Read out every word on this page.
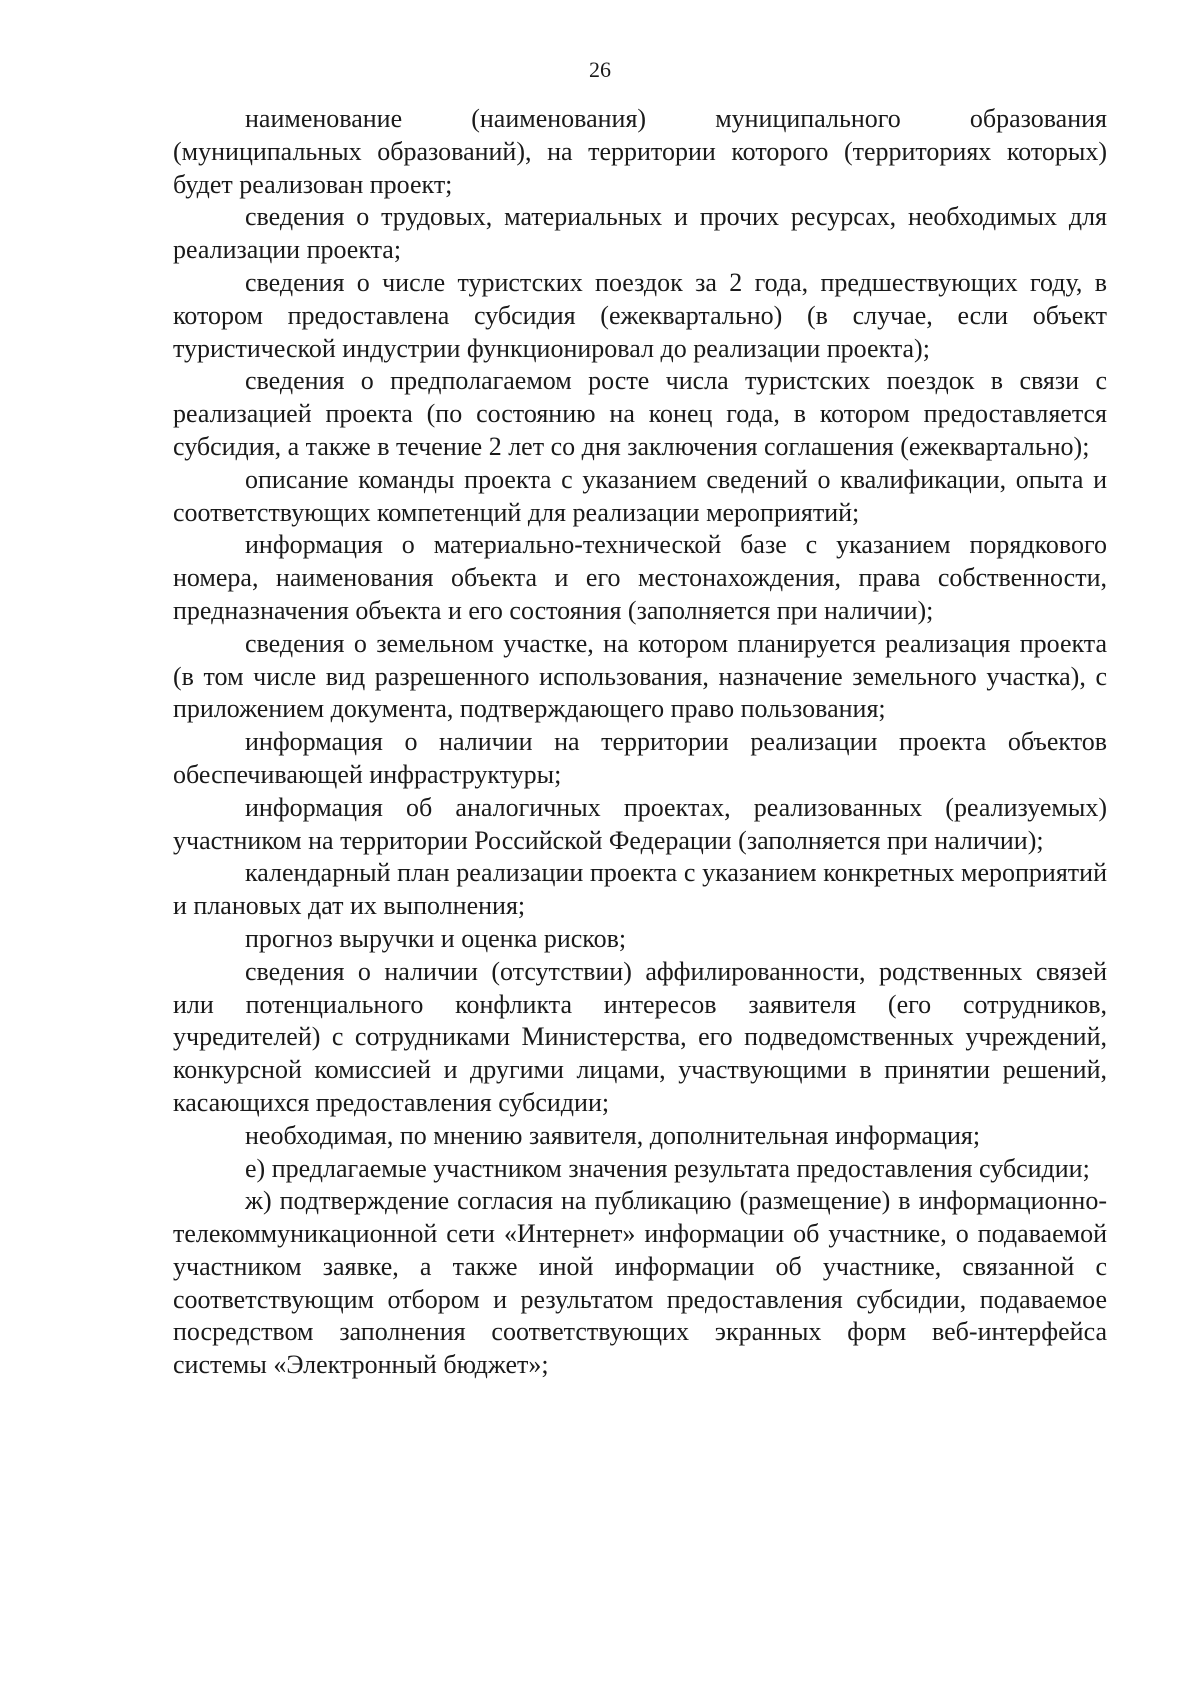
26

наименование (наименования) муниципального образования (муниципальных образований), на территории которого (территориях которых) будет реализован проект;

сведения о трудовых, материальных и прочих ресурсах, необходимых для реализации проекта;

сведения о числе туристских поездок за 2 года, предшествующих году, в котором предоставлена субсидия (ежеквартально) (в случае, если объект туристической индустрии функционировал до реализации проекта);

сведения о предполагаемом росте числа туристских поездок в связи с реализацией проекта (по состоянию на конец года, в котором предоставляется субсидия, а также в течение 2 лет со дня заключения соглашения (ежеквартально);

описание команды проекта с указанием сведений о квалификации, опыта и соответствующих компетенций для реализации мероприятий;

информация о материально-технической базе с указанием порядкового номера, наименования объекта и его местонахождения, права собственности, предназначения объекта и его состояния (заполняется при наличии);

сведения о земельном участке, на котором планируется реализация проекта (в том числе вид разрешенного использования, назначение земельного участка), с приложением документа, подтверждающего право пользования;

информация о наличии на территории реализации проекта объектов обеспечивающей инфраструктуры;

информация об аналогичных проектах, реализованных (реализуемых) участником на территории Российской Федерации (заполняется при наличии);

календарный план реализации проекта с указанием конкретных мероприятий и плановых дат их выполнения;

прогноз выручки и оценка рисков;

сведения о наличии (отсутствии) аффилированности, родственных связей или потенциального конфликта интересов заявителя (его сотрудников, учредителей) с сотрудниками Министерства, его подведомственных учреждений, конкурсной комиссией и другими лицами, участвующими в принятии решений, касающихся предоставления субсидии;

необходимая, по мнению заявителя, дополнительная информация;

е) предлагаемые участником значения результата предоставления субсидии;

ж) подтверждение согласия на публикацию (размещение) в информационно-телекоммуникационной сети «Интернет» информации об участнике, о подаваемой участником заявке, а также иной информации об участнике, связанной с соответствующим отбором и результатом предоставления субсидии, подаваемое посредством заполнения соответствующих экранных форм веб-интерфейса системы «Электронный бюджет»;
